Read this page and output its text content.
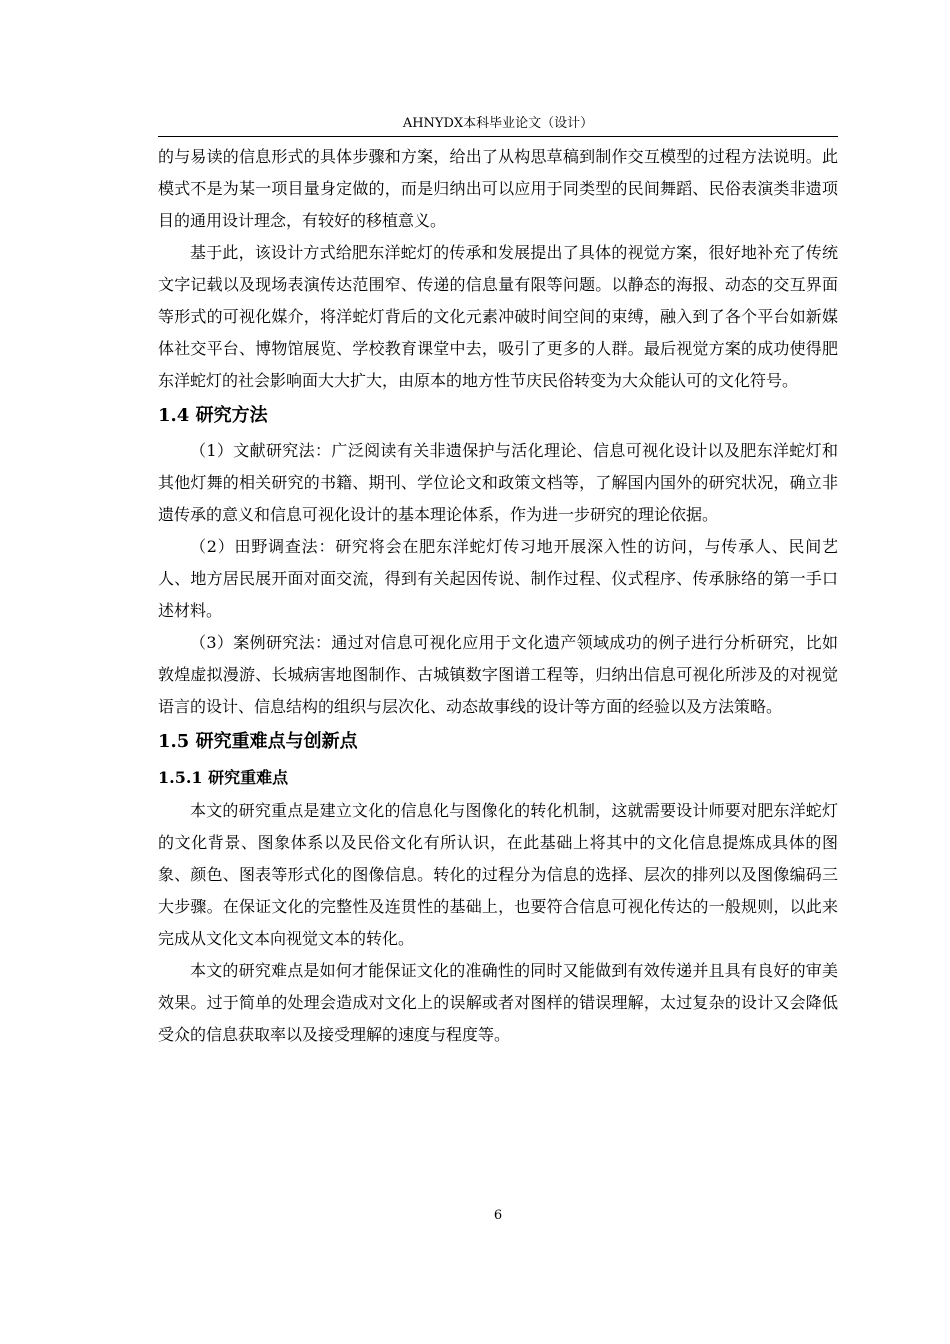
AHNYDX本科毕业论文（设计）

的与易读的信息形式的具体步骤和方案，给出了从构思草稿到制作交互模型的过程方法说明。此模式不是为某一项目量身定做的，而是归纳出可以应用于同类型的民间舞蹈、民俗表演类非遗项目的通用设计理念，有较好的移植意义。

基于此，该设计方式给肥东洋蛇灯的传承和发展提出了具体的视觉方案，很好地补充了传统文字记载以及现场表演传达范围窄、传递的信息量有限等问题。以静态的海报、动态的交互界面等形式的可视化媒介，将洋蛇灯背后的文化元素冲破时间空间的束缚，融入到了各个平台如新媒体社交平台、博物馆展览、学校教育课堂中去，吸引了更多的人群。最后视觉方案的成功使得肥东洋蛇灯的社会影响面大大扩大，由原本的地方性节庆民俗转变为大众能认可的文化符号。

1.4 研究方法

（1）文献研究法：广泛阅读有关非遗保护与活化理论、信息可视化设计以及肥东洋蛇灯和其他灯舞的相关研究的书籍、期刊、学位论文和政策文档等，了解国内国外的研究状况，确立非遗传承的意义和信息可视化设计的基本理论体系，作为进一步研究的理论依据。

（2）田野调查法：研究将会在肥东洋蛇灯传习地开展深入性的访问，与传承人、民间艺人、地方居民展开面对面交流，得到有关起因传说、制作过程、仪式程序、传承脉络的第一手口述材料。

（3）案例研究法：通过对信息可视化应用于文化遗产领域成功的例子进行分析研究，比如敦煌虚拟漫游、长城病害地图制作、古城镇数字图谱工程等，归纳出信息可视化所涉及的对视觉语言的设计、信息结构的组织与层次化、动态故事线的设计等方面的经验以及方法策略。

1.5 研究重难点与创新点
1.5.1 研究重难点

本文的研究重点是建立文化的信息化与图像化的转化机制，这就需要设计师要对肥东洋蛇灯的文化背景、图象体系以及民俗文化有所认识，在此基础上将其中的文化信息提炼成具体的图象、颜色、图表等形式化的图像信息。转化的过程分为信息的选择、层次的排列以及图像编码三大步骤。在保证文化的完整性及连贯性的基础上，也要符合信息可视化传达的一般规则，以此来完成从文化文本向视觉文本的转化。

本文的研究难点是如何才能保证文化的准确性的同时又能做到有效传递并且具有良好的审美效果。过于简单的处理会造成对文化上的误解或者对图样的错误理解，太过复杂的设计又会降低受众的信息获取率以及接受理解的速度与程度等。

6
